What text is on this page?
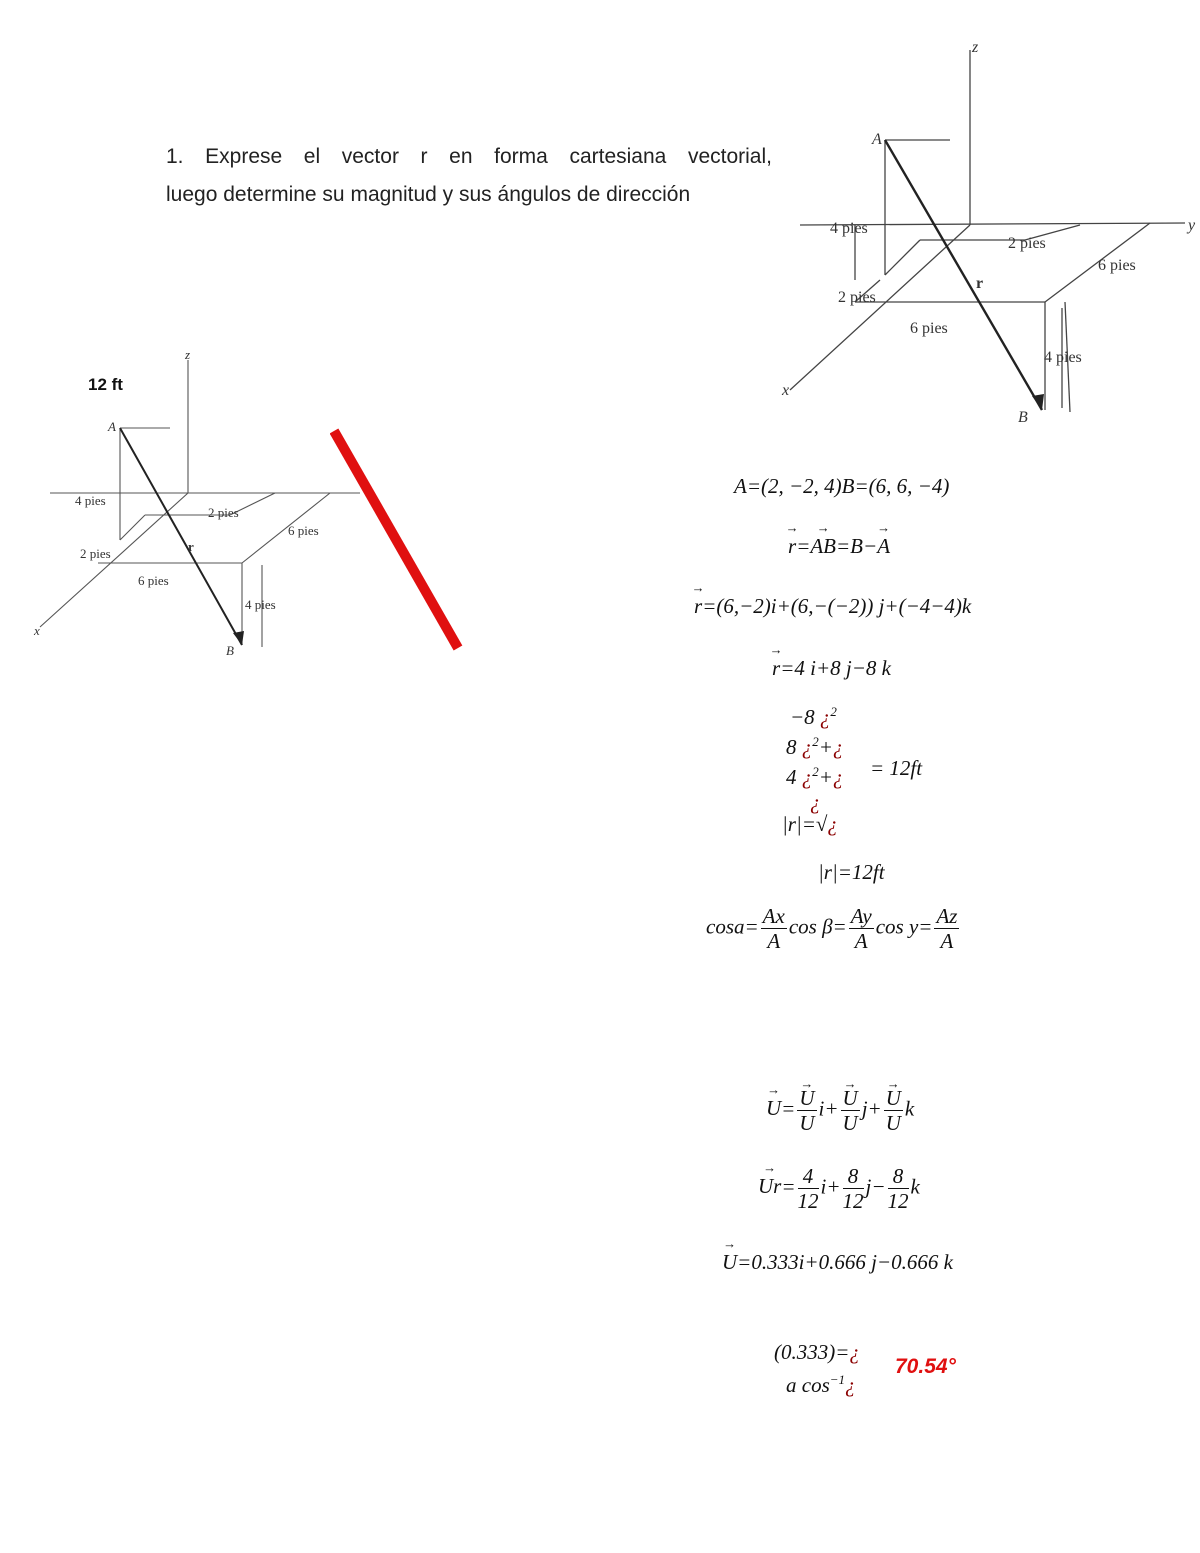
1. Exprese el vector r en forma cartesiana vectorial,
luego determine su magnitud y sus ángulos de dirección
A
B
z
y
x
r
4 pies
2 pies
2 pies
6 pies
6 pies
4 pies
A
B
z
x
r
4 pies
2 pies
2 pies
6 pies
6 pies
4 pies
12 ft
A=(2, −2, 4)B=(6, 6, −4)
→ r=→ AB=B−→ A
→ r=(6,−2)i+(6,−(−2)) j+(−4−4)k
→ r=4 i+8 j−8 k
−8 ¿$^2$
8 ¿$^2$+¿
4 ¿$^2$+¿ = 12ft
¿
|r|=√¿
|r|=12ft
$\cos a= \frac{Ax}{A}$ $\cos \beta= \frac{Ay}{A}$ $\cos y= \frac{Az}{A}$
→ U=
→ $\frac{U}{U} i+$
→ $\frac{U}{U} j+$
→ $\frac{U}{U}$ k
→ $Ur= \frac{4}{12} i+ \frac{8}{12} j- \frac{8}{12}$ k
→ U=0.333i+0.666 j−0.666 k
(0.333)=¿
a $\cos^{-1}¿$
70.54°
